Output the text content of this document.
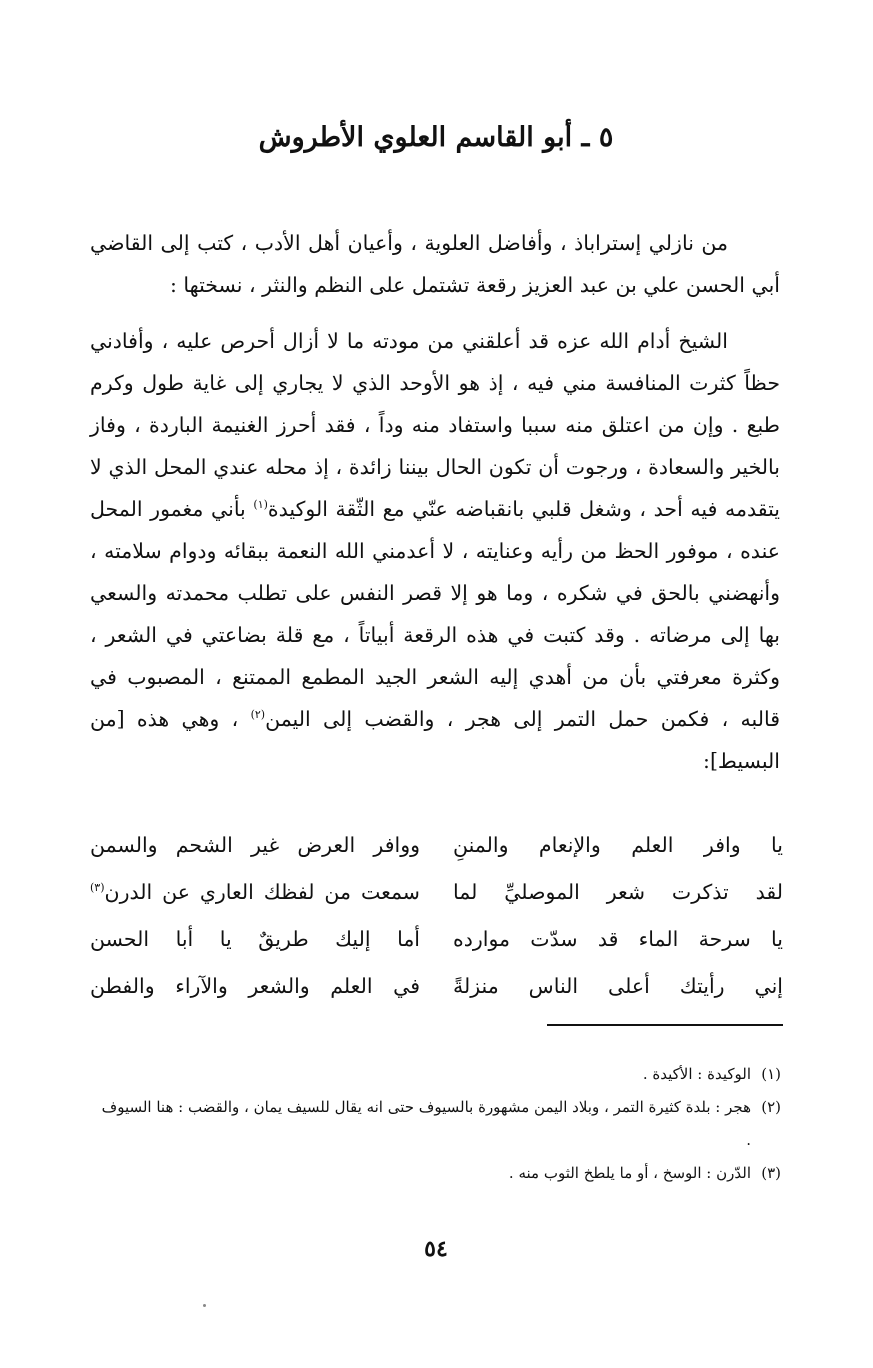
٥ ـ أبو القاسم العلوي الأطروش

من نازلي إستراباذ ، وأفاضل العلوية ، وأعيان أهل الأدب ، كتب إلى القاضي أبي الحسن علي بن عبد العزيز رقعة تشتمل على النظم والنثر ، نسختها :

الشيخ أدام الله عزه قد أعلقني من مودته ما لا أزال أحرص عليه ، وأفادني حظاً كثرت المنافسة مني فيه ، إذ هو الأوحد الذي لا يجاري إلى غاية طول وكرم طبع . وإن من اعتلق منه سببا واستفاد منه وداً ، فقد أحرز الغنيمة الباردة ، وفاز بالخير والسعادة ، ورجوت أن تكون الحال بيننا زائدة ، إذ محله عندي المحل الذي لا يتقدمه فيه أحد ، وشغل قلبي بانقباضه عنّي مع الثّقة الوكيدة$^{(١)}$ بأني مغمور المحل عنده ، موفور الحظ من رأيه وعنايته ، لا أعدمني الله النعمة ببقائه ودوام سلامته ، وأنهضني بالحق في شكره ، وما هو إلا قصر النفس على تطلب محمدته والسعي بها إلى مرضاته . وقد كتبت في هذه الرقعة أبياتاً ، مع قلة بضاعتي في الشعر ، وكثرة معرفتي بأن من أهدي إليه الشعر الجيد المطمع الممتنع ، المصبوب في قالبه ، فكمن حمل التمر إلى هجر ، والقضب إلى اليمن$^{(٢)}$ ، وهي هذه [من البسيط]:

يا وافر العلم والإنعام والمننِ
ووافر العرض غير الشحم والسمن
لقد تذكرت شعر الموصليِّ لما
سمعت من لفظك العاري عن الدرن$^{(٣)}$
يا سرحة الماء قد سدّت موارده
أما إليك طريقٌ يا أبا الحسن
إني رأيتك أعلى الناس منزلةً
في العلم والشعر والآراء والفطن

(١)
الوكيدة : الأكيدة .

(٢)
هجر : بلدة كثيرة التمر ، وبلاد اليمن مشهورة بالسيوف حتى انه يقال للسيف يمان ، والقضب : هنا السيوف .

(٣)
الدّرن : الوسخ ، أو ما يلطخ الثوب منه .

٥٤
